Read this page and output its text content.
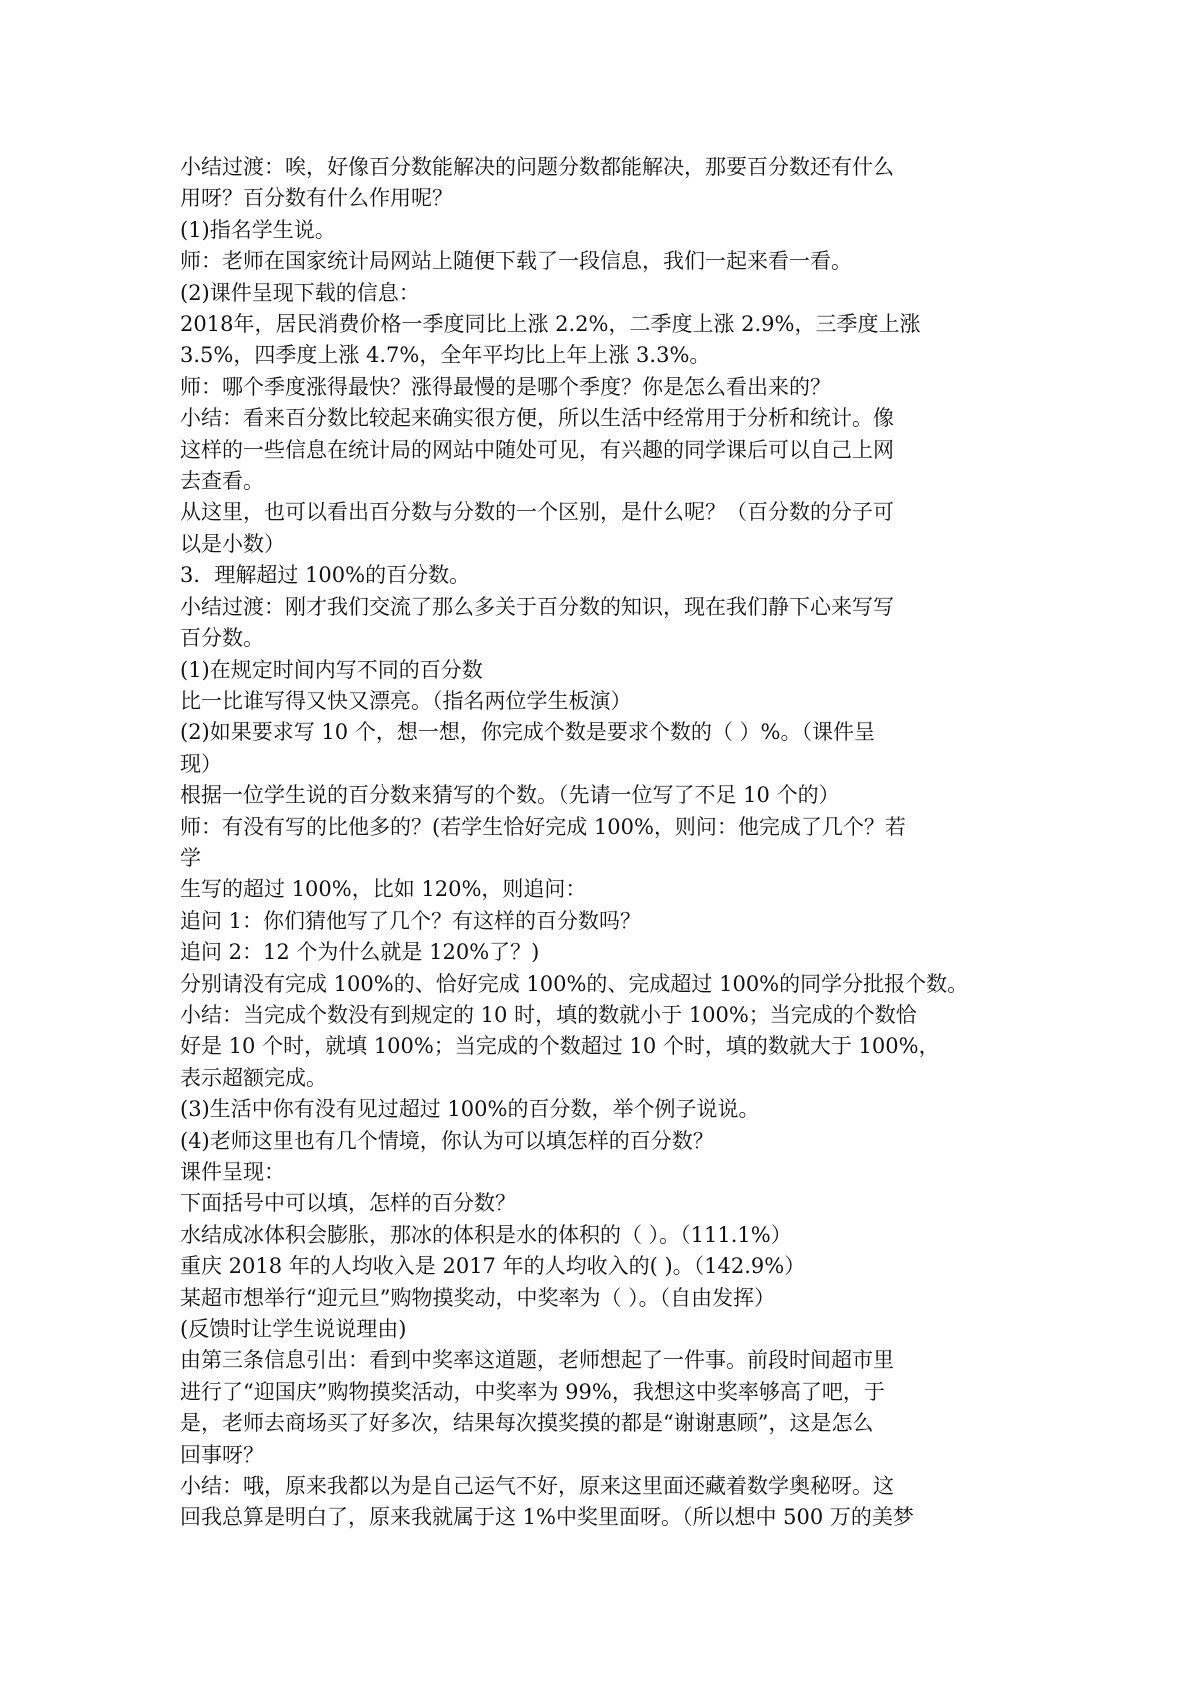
小结过渡：唉，好像百分数能解决的问题分数都能解决，那要百分数还有什么
用呀？百分数有什么作用呢？
(1)指名学生说。
师：老师在国家统计局网站上随便下载了一段信息，我们一起来看一看。
(2)课件呈现下载的信息：
2018年，居民消费价格一季度同比上涨 2.2%，二季度上涨 2.9%，三季度上涨
3.5%，四季度上涨 4.7%，全年平均比上年上涨 3.3%。
师：哪个季度涨得最快？涨得最慢的是哪个季度？你是怎么看出来的？
小结：看来百分数比较起来确实很方便，所以生活中经常用于分析和统计。像
这样的一些信息在统计局的网站中随处可见，有兴趣的同学课后可以自己上网
去查看。
从这里，也可以看出百分数与分数的一个区别，是什么呢？（百分数的分子可
以是小数）
3．理解超过 100%的百分数。
小结过渡：刚才我们交流了那么多关于百分数的知识，现在我们静下心来写写
百分数。
(1)在规定时间内写不同的百分数
比一比谁写得又快又漂亮。（指名两位学生板演）
(2)如果要求写 10 个，想一想，你完成个数是要求个数的（ ）%。（课件呈
现）
根据一位学生说的百分数来猜写的个数。（先请一位写了不足 10 个的）
师：有没有写的比他多的？(若学生恰好完成 100%，则问：他完成了几个？若
学
生写的超过 100%，比如 120%，则追问：
追问 1：你们猜他写了几个？有这样的百分数吗？
追问 2：12 个为什么就是 120%了？)
分别请没有完成 100%的、恰好完成 100%的、完成超过 100%的同学分批报个数。
小结：当完成个数没有到规定的 10 时，填的数就小于 100%；当完成的个数恰
好是 10 个时，就填 100%；当完成的个数超过 10 个时，填的数就大于 100%，
表示超额完成。
(3)生活中你有没有见过超过 100%的百分数，举个例子说说。
(4)老师这里也有几个情境，你认为可以填怎样的百分数？
课件呈现：
下面括号中可以填，怎样的百分数？
水结成冰体积会膨胀，那冰的体积是水的体积的（ ）。（111.1%）
重庆 2018 年的人均收入是 2017 年的人均收入的( )。（142.9%）
某超市想举行“迎元旦”购物摸奖动，中奖率为（ ）。（自由发挥）
(反馈时让学生说说理由)
由第三条信息引出：看到中奖率这道题，老师想起了一件事。前段时间超市里
进行了“迎国庆”购物摸奖活动，中奖率为 99%，我想这中奖率够高了吧，于
是，老师去商场买了好多次，结果每次摸奖摸的都是“谢谢惠顾”，这是怎么
回事呀？
小结：哦，原来我都以为是自己运气不好，原来这里面还藏着数学奥秘呀。这
回我总算是明白了，原来我就属于这 1%中奖里面呀。（所以想中 500 万的美梦
